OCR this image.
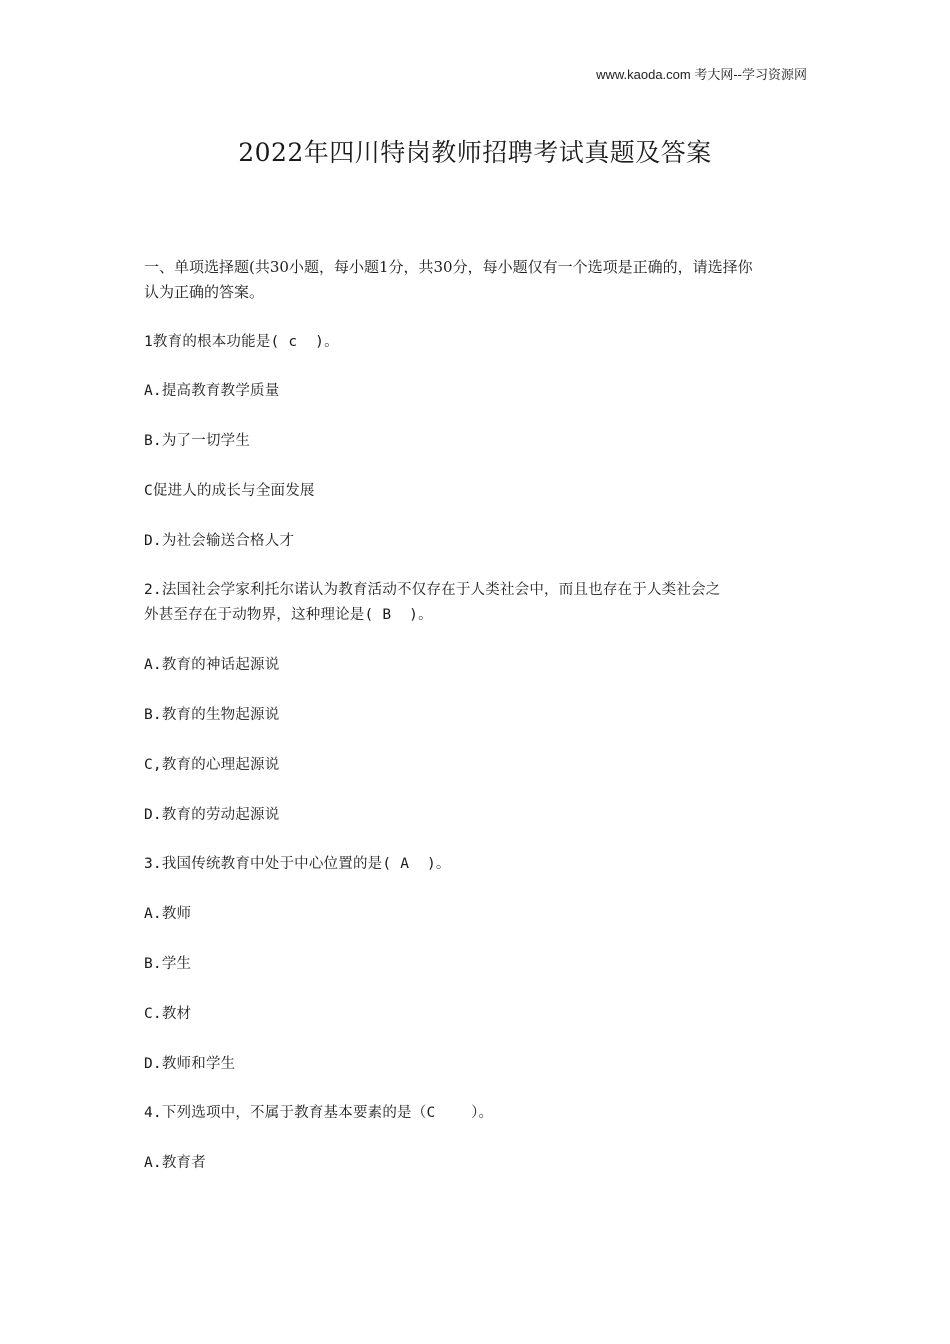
www.kaoda.com 考大网--学习资源网
2022年四川特岗教师招聘考试真题及答案
一、单项选择题(共30小题，每小题1分，共30分，每小题仅有一个选项是正确的，请选择你
认为正确的答案。
1教育的根本功能是( c  )。
A.提高教育教学质量
B.为了一切学生
C促进人的成长与全面发展
D.为社会输送合格人才
2.法国社会学家利托尔诺认为教育活动不仅存在于人类社会中，而且也存在于人类社会之
外甚至存在于动物界，这种理论是( B  )。
A.教育的神话起源说
B.教育的生物起源说
C,教育的心理起源说
D.教育的劳动起源说
3.我国传统教育中处于中心位置的是( A  )。
A.教师
B.学生
C.教材
D.教师和学生
4.下列选项中，不属于教育基本要素的是（C    ）。
A.教育者
